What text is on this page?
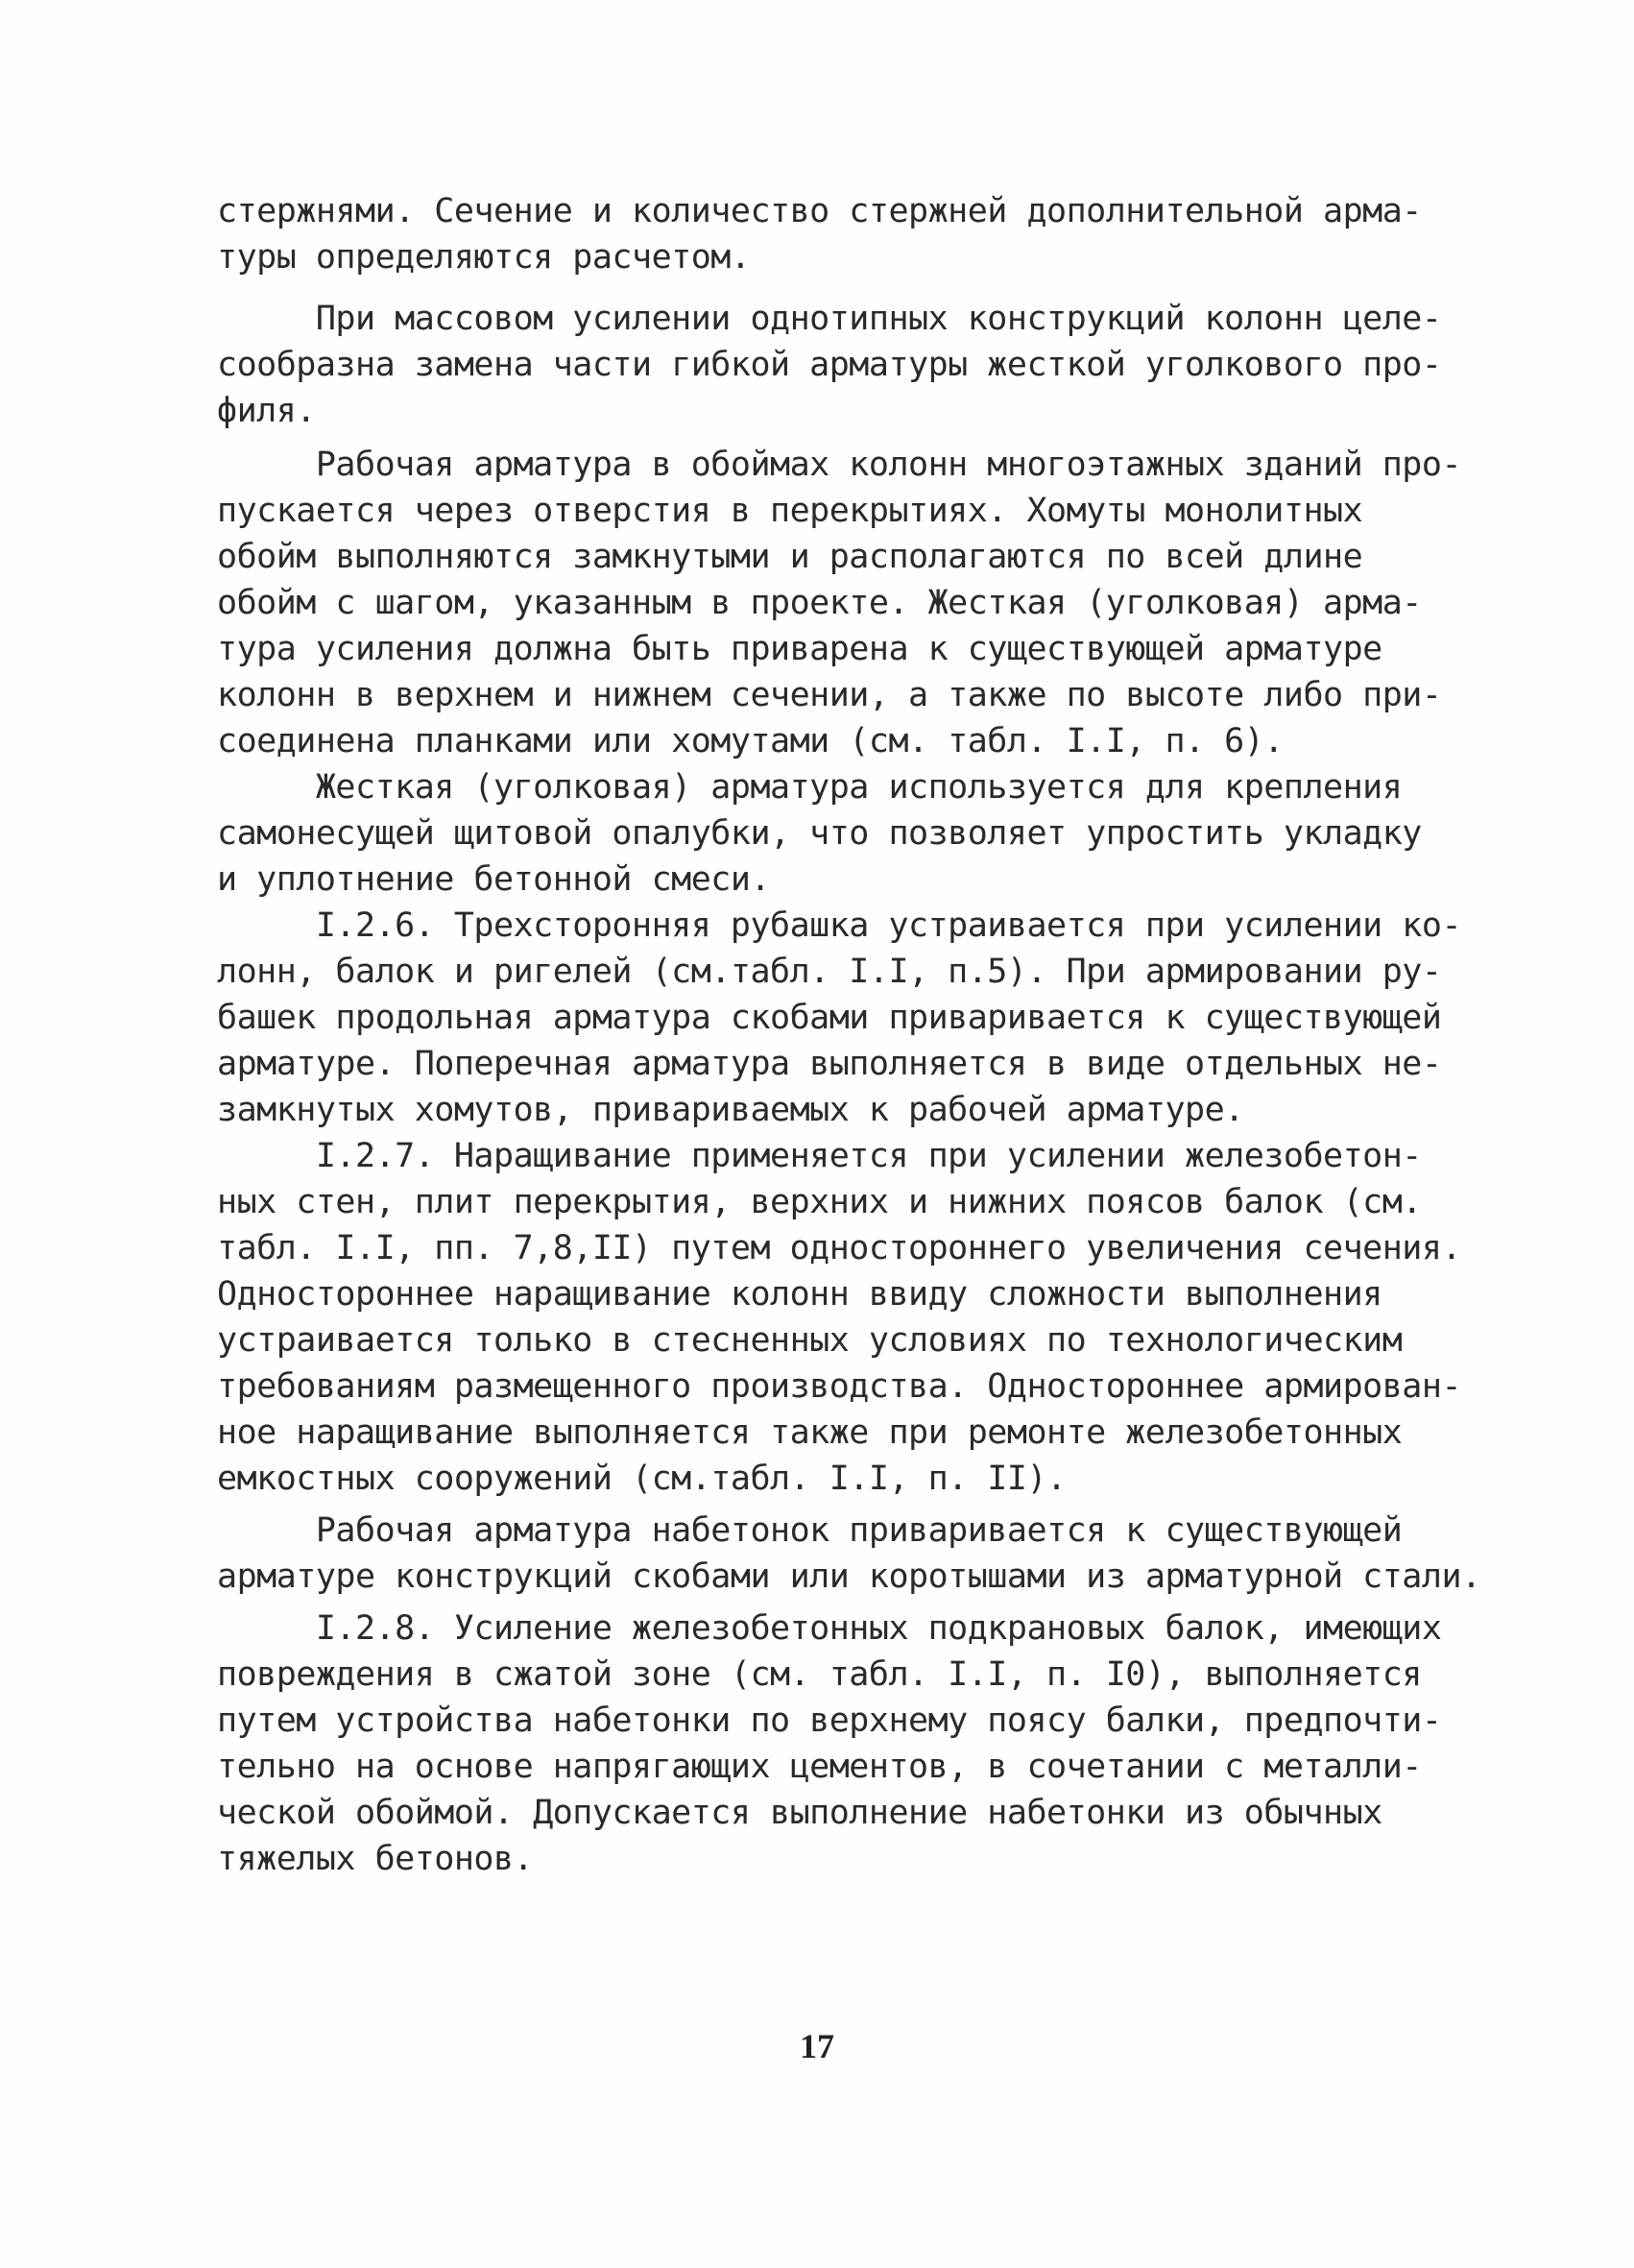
стержнями. Сечение и количество стержней дополнительной арма-
туры определяются расчетом.
При массовом усилении однотипных конструкций колонн целе-
сообразна замена части гибкой арматуры жесткой уголкового про-
филя.
Рабочая арматура в обоймах колонн многоэтажных зданий про-
пускается через отверстия в перекрытиях. Хомуты монолитных
обойм выполняются замкнутыми и располагаются по всей длине
обойм с шагом, указанным в проекте. Жесткая (уголковая) арма-
тура усиления должна быть приварена к существующей арматуре
колонн в верхнем и нижнем сечении, а также по высоте либо при-
соединена планками или хомутами (см. табл. I.I, п. 6).
Жесткая (уголковая) арматура используется для крепления
самонесущей щитовой опалубки, что позволяет упростить укладку
и уплотнение бетонной смеси.
I.2.6. Трехсторонняя рубашка устраивается при усилении ко-
лонн, балок и ригелей (см.табл. I.I, п.5). При армировании ру-
башек продольная арматура скобами приваривается к существующей
арматуре. Поперечная арматура выполняется в виде отдельных не-
замкнутых хомутов, привариваемых к рабочей арматуре.
I.2.7. Наращивание применяется при усилении железобетон-
ных стен, плит перекрытия, верхних и нижних поясов балок (см.
табл. I.I, пп. 7,8,II) путем одностороннего увеличения сечения.
Одностороннее наращивание колонн ввиду сложности выполнения
устраивается только в стесненных условиях по технологическим
требованиям размещенного производства. Одностороннее армирован-
ное наращивание выполняется также при ремонте железобетонных
емкостных сооружений (см.табл. I.I, п. II).
Рабочая арматура набетонок приваривается к существующей
арматуре конструкций скобами или коротышами из арматурной стали.
I.2.8. Усиление железобетонных подкрановых балок, имеющих
повреждения в сжатой зоне (см. табл. I.I, п. I0), выполняется
путем устройства набетонки по верхнему поясу балки, предпочти-
тельно на основе напрягающих цементов, в сочетании с металли-
ческой обоймой. Допускается выполнение набетонки из обычных
тяжелых бетонов.
17
